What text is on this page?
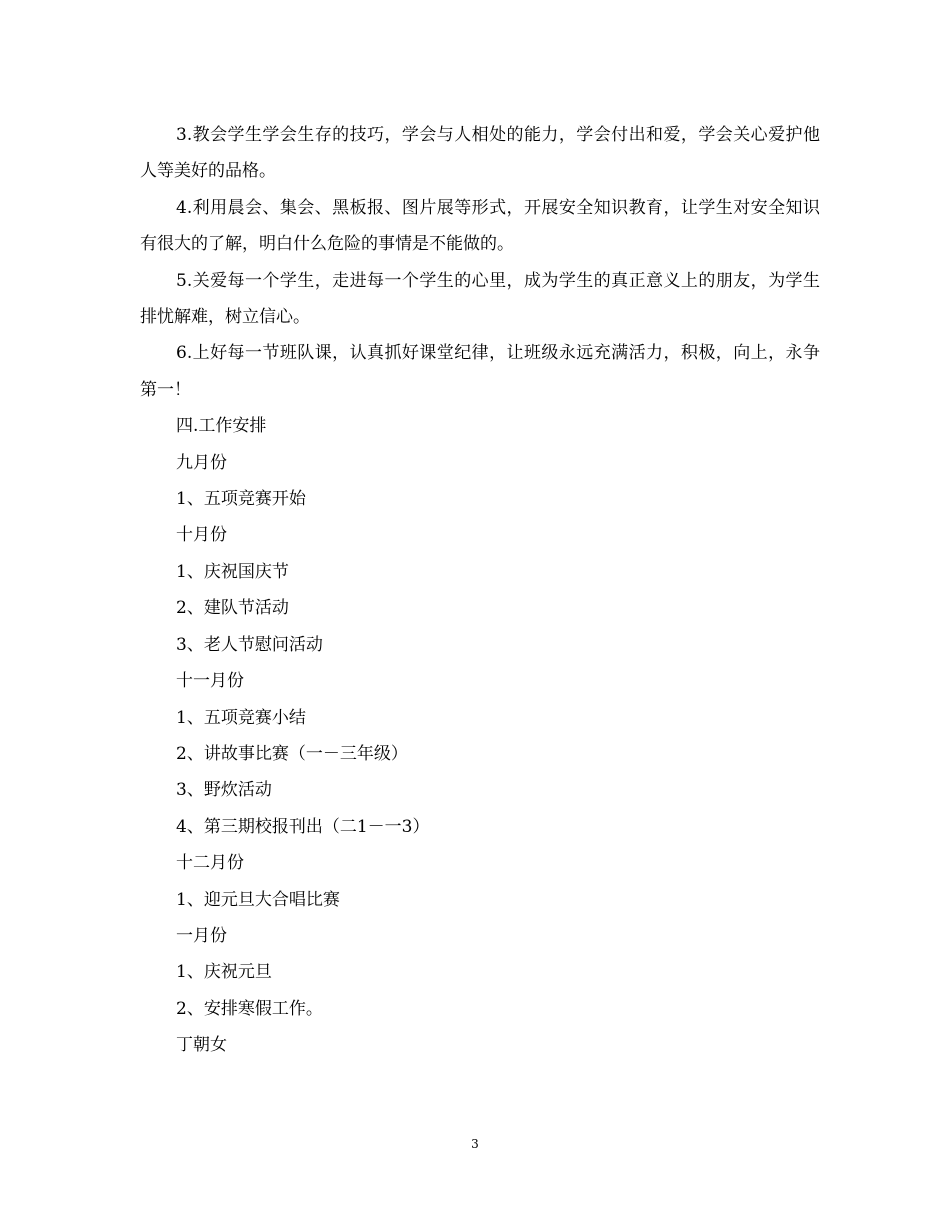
3.教会学生学会生存的技巧，学会与人相处的能力，学会付出和爱，学会关心爱护他人等美好的品格。

4.利用晨会、集会、黑板报、图片展等形式，开展安全知识教育，让学生对安全知识有很大的了解，明白什么危险的事情是不能做的。

5.关爱每一个学生，走进每一个学生的心里，成为学生的真正意义上的朋友，为学生排忧解难，树立信心。

6.上好每一节班队课，认真抓好课堂纪律，让班级永远充满活力，积极，向上，永争第一！

四.工作安排

九月份

1、五项竞赛开始

十月份

1、庆祝国庆节

2、建队节活动

3、老人节慰问活动

十一月份

1、五项竞赛小结

2、讲故事比赛（一－三年级）

3、野炊活动

4、第三期校报刊出（二1－一3）

十二月份

1、迎元旦大合唱比赛

一月份

1、庆祝元旦

2、安排寒假工作。

丁朝女

3
